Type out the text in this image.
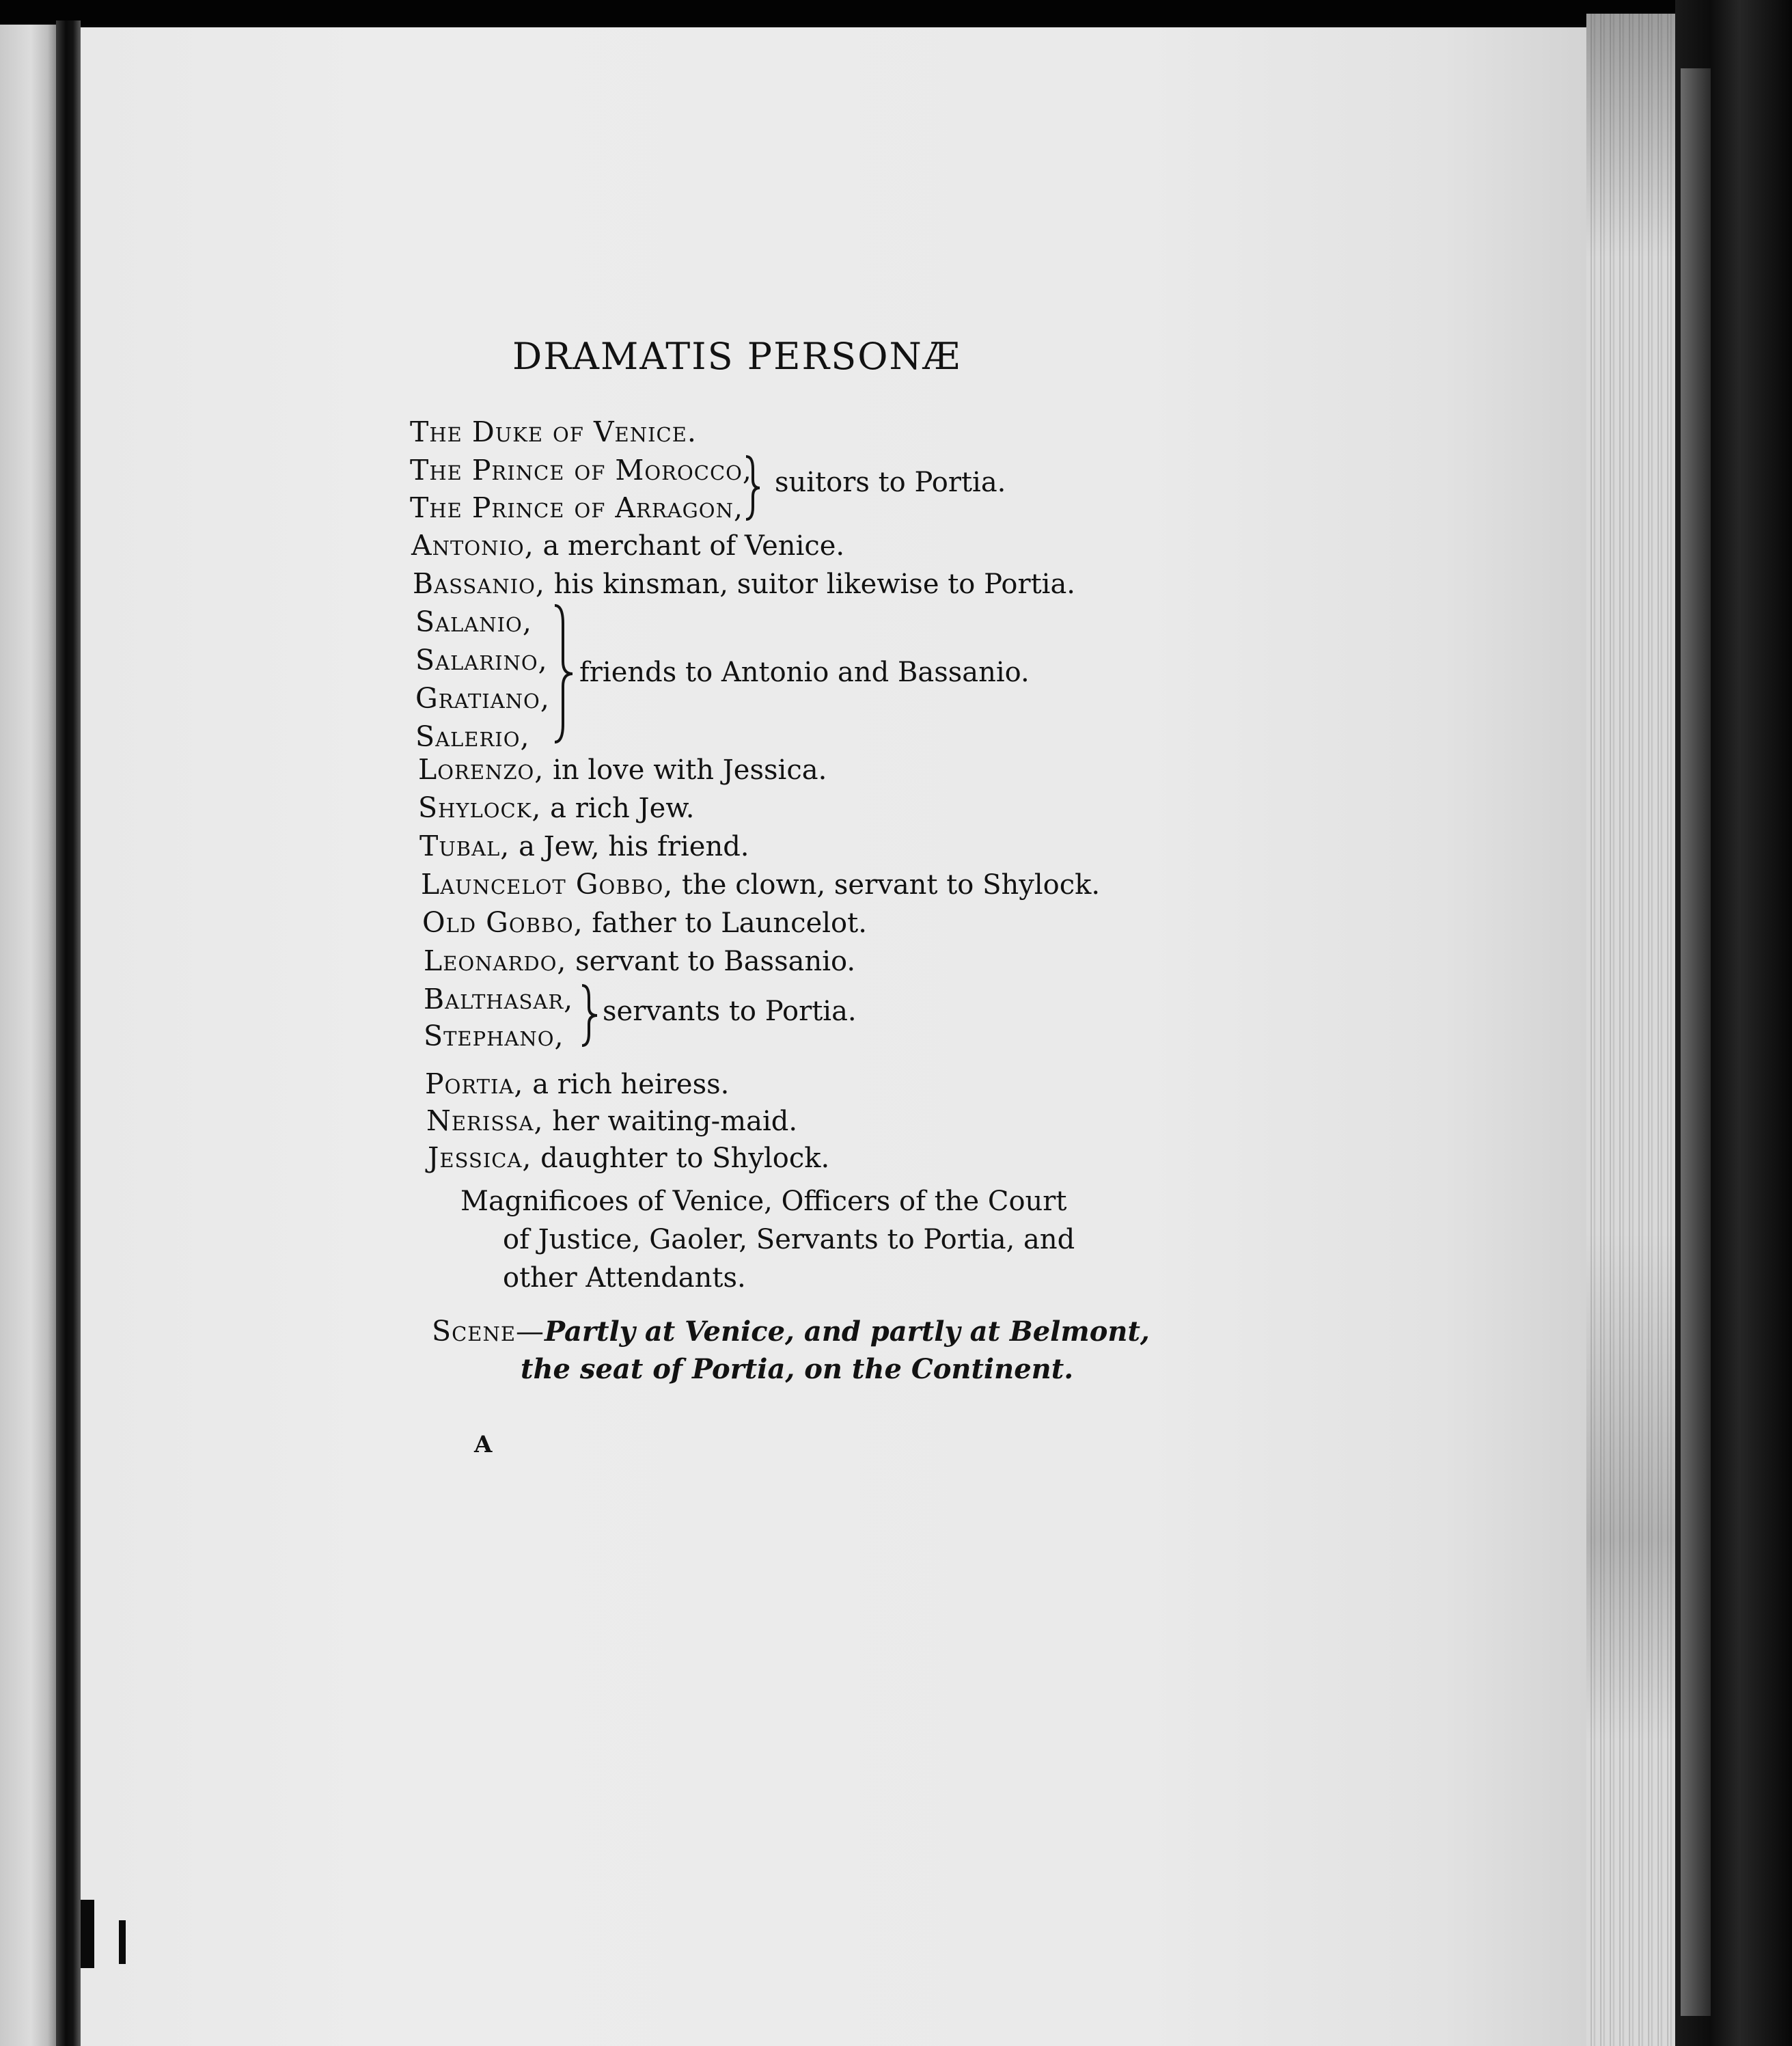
DRAMATIS PERSONÆ
The Duke of Venice.
The Prince of Morocco,
The Prince of Arragon,
suitors to Portia.
Antonio, a merchant of Venice.
Bassanio, his kinsman, suitor likewise to Portia.
Salanio,
Salarino,
Gratiano,
Salerio,
friends to Antonio and Bassanio.
Lorenzo, in love with Jessica.
Shylock, a rich Jew.
Tubal, a Jew, his friend.
Launcelot Gobbo, the clown, servant to Shylock.
Old Gobbo, father to Launcelot.
Leonardo, servant to Bassanio.
Balthasar,
Stephano,
servants to Portia.
Portia, a rich heiress.
Nerissa, her waiting-maid.
Jessica, daughter to Shylock.
Magnificoes of Venice, Officers of the Court
of Justice, Gaoler, Servants to Portia, and
other Attendants.
Scene—Partly at Venice, and partly at Belmont,
the seat of Portia, on the Continent.
A
